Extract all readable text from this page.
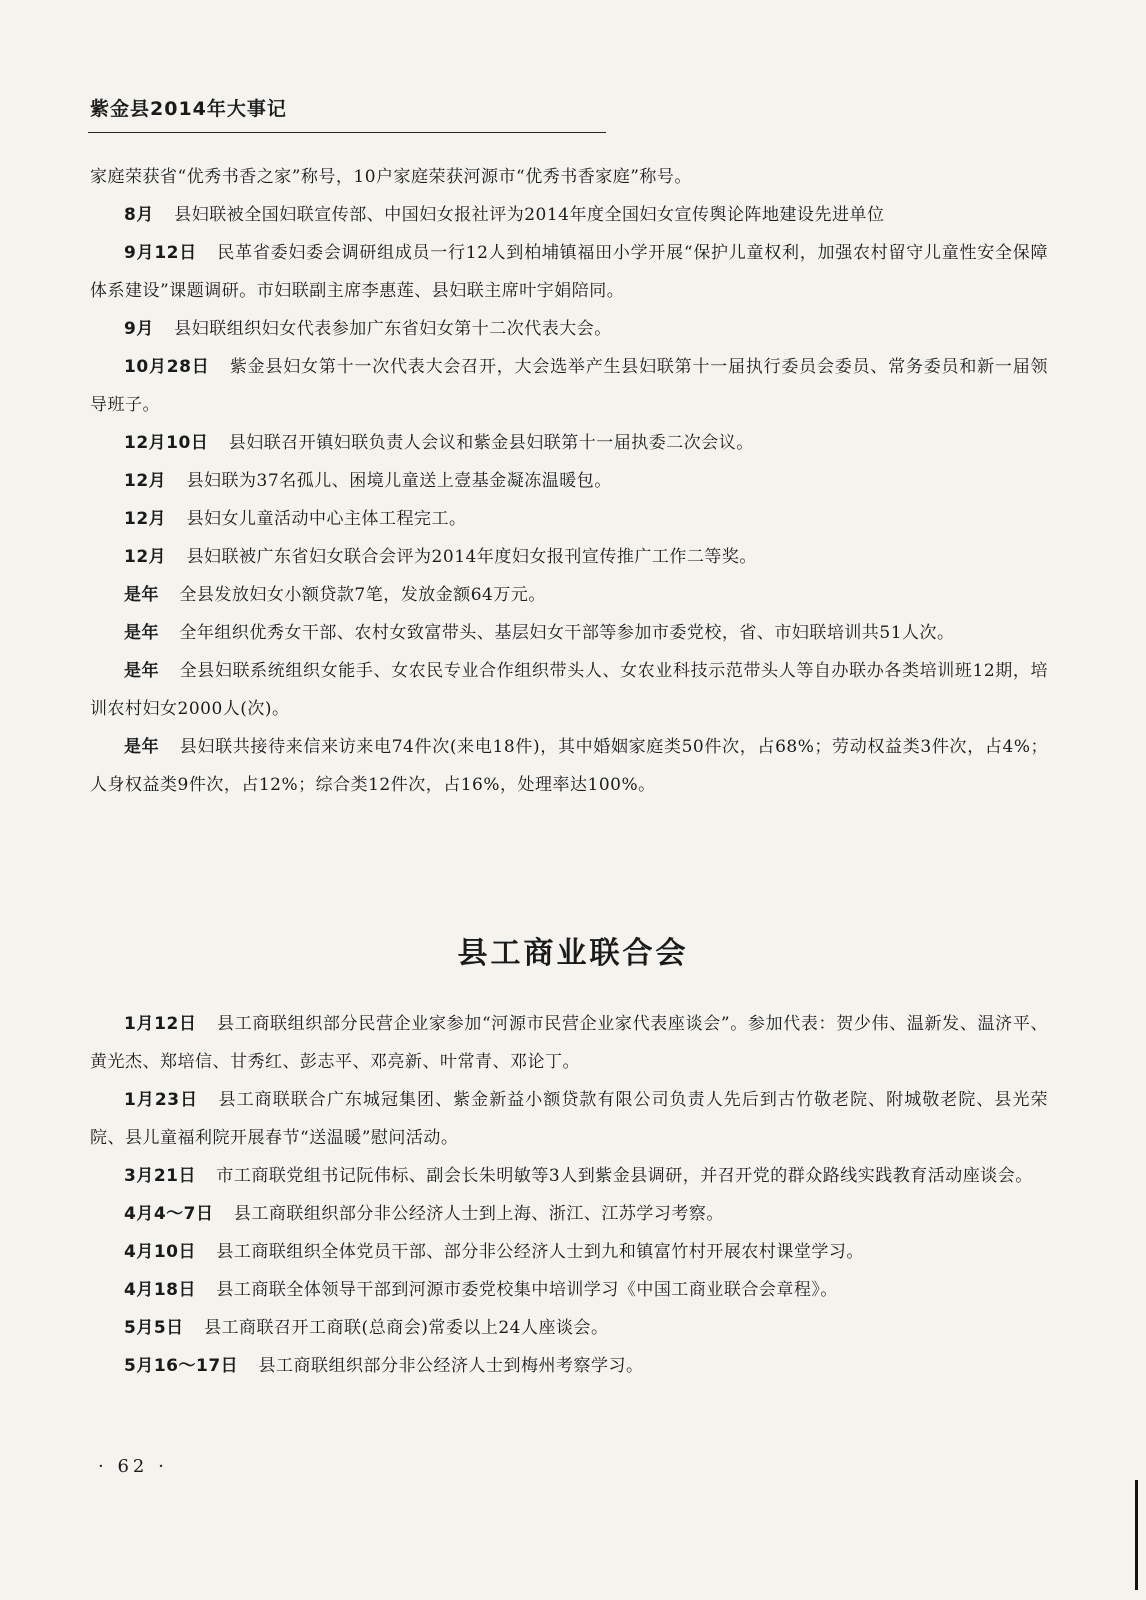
紫金县2014年大事记

家庭荣获省“优秀书香之家”称号，10户家庭荣获河源市“优秀书香家庭”称号。

8月 县妇联被全国妇联宣传部、中国妇女报社评为2014年度全国妇女宣传舆论阵地建设先进单位

9月12日 民革省委妇委会调研组成员一行12人到柏埔镇福田小学开展“保护儿童权利，加强农村留守儿童性安全保障体系建设”课题调研。市妇联副主席李惠莲、县妇联主席叶宇娟陪同。

9月 县妇联组织妇女代表参加广东省妇女第十二次代表大会。

10月28日 紫金县妇女第十一次代表大会召开，大会选举产生县妇联第十一届执行委员会委员、常务委员和新一届领导班子。

12月10日 县妇联召开镇妇联负责人会议和紫金县妇联第十一届执委二次会议。

12月 县妇联为37名孤儿、困境儿童送上壹基金凝冻温暖包。

12月 县妇女儿童活动中心主体工程完工。

12月 县妇联被广东省妇女联合会评为2014年度妇女报刊宣传推广工作二等奖。

是年 全县发放妇女小额贷款7笔，发放金额64万元。

是年 全年组织优秀女干部、农村女致富带头、基层妇女干部等参加市委党校，省、市妇联培训共51人次。

是年 全县妇联系统组织女能手、女农民专业合作组织带头人、女农业科技示范带头人等自办联办各类培训班12期，培训农村妇女2000人(次)。

是年 县妇联共接待来信来访来电74件次(来电18件)，其中婚姻家庭类50件次，占68%；劳动权益类3件次，占4%；人身权益类9件次，占12%；综合类12件次，占16%，处理率达100%。

县工商业联合会

1月12日 县工商联组织部分民营企业家参加“河源市民营企业家代表座谈会”。参加代表：贺少伟、温新发、温济平、黄光杰、郑培信、甘秀红、彭志平、邓亮新、叶常青、邓论丁。

1月23日 县工商联联合广东城冠集团、紫金新益小额贷款有限公司负责人先后到古竹敬老院、附城敬老院、县光荣院、县儿童福利院开展春节“送温暖”慰问活动。

3月21日 市工商联党组书记阮伟标、副会长朱明敏等3人到紫金县调研，并召开党的群众路线实践教育活动座谈会。

4月4～7日 县工商联组织部分非公经济人士到上海、浙江、江苏学习考察。

4月10日 县工商联组织全体党员干部、部分非公经济人士到九和镇富竹村开展农村课堂学习。

4月18日 县工商联全体领导干部到河源市委党校集中培训学习《中国工商业联合会章程》。

5月5日 县工商联召开工商联(总商会)常委以上24人座谈会。

5月16～17日 县工商联组织部分非公经济人士到梅州考察学习。

· 62 ·
